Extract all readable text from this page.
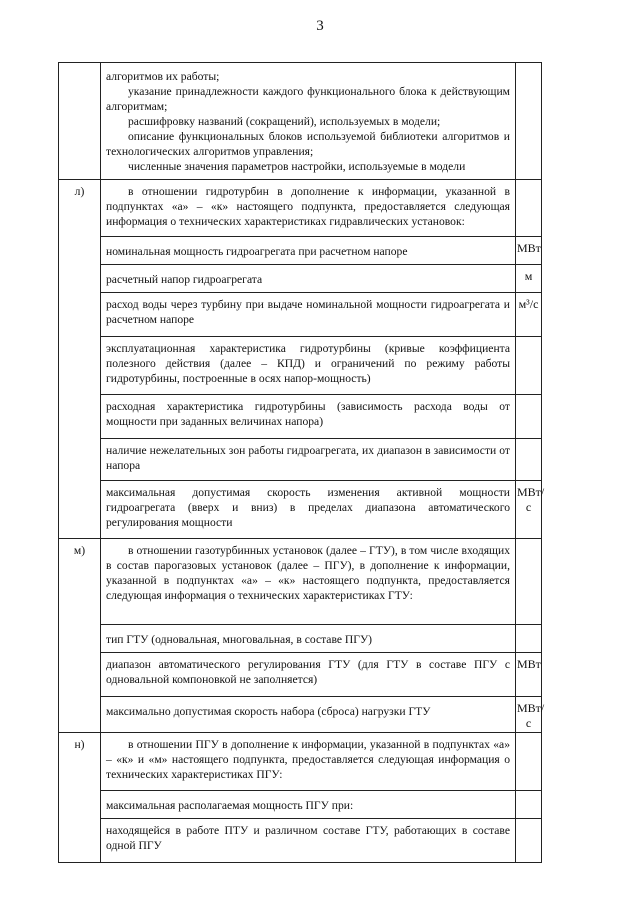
3

	алгоритмов их работы;
указание принадлежности каждого функционального блока к действующим алгоритмам;
расшифровку названий (сокращений), используемых в модели;
описание функциональных блоков используемой библиотеки алгоритмов и технологических алгоритмов управления;
численные значения параметров настройки, используемые в модели	

л)	в отношении гидротурбин в дополнение к информации, указанной в подпунктах «а» – «к» настоящего подпункта, предоставляется следующая информация о технических характеристиках гидравлических установок:	

	номинальная мощность гидроагрегата при расчетном напоре	МВт
	расчетный напор гидроагрегата	м
	расход воды через турбину при выдаче номинальной мощности гидроагрегата и расчетном напоре	м³/с
	эксплуатационная характеристика гидротурбины (кривые коэффициента полезного действия (далее – КПД) и ограничений по режиму работы гидротурбины, построенные в осях напор-мощность)	
	расходная характеристика гидротурбины (зависимость расхода воды от мощности при заданных величинах напора)	
	наличие нежелательных зон работы гидроагрегата, их диапазон в зависимости от напора	
	максимальная допустимая скорость изменения активной мощности гидроагрегата (вверх и вниз) в пределах диапазона автоматического регулирования мощности	МВт/с
м)	в отношении газотурбинных установок (далее – ГТУ), в том числе входящих в состав парогазовых установок (далее – ПГУ), в дополнение к информации, указанной в подпунктах «а» – «к» настоящего подпункта, предоставляется следующая информация о технических характеристиках ГТУ:	

	тип ГТУ (одновальная, многовальная, в составе ПГУ)	
	диапазон автоматического регулирования ГТУ (для ГТУ в составе ПГУ с одновальной компоновкой не заполняется)	МВт
	максимально допустимая скорость набора (сброса) нагрузки ГТУ	МВт/с
н)	в отношении ПГУ в дополнение к информации, указанной в подпунктах «а» – «к» и «м» настоящего подпункта, предоставляется следующая информация о технических характеристиках ПГУ:	

	максимальная располагаемая мощность ПГУ при:	
	находящейся в работе ПТУ и различном составе ГТУ, работающих в составе одной ПГУ	
